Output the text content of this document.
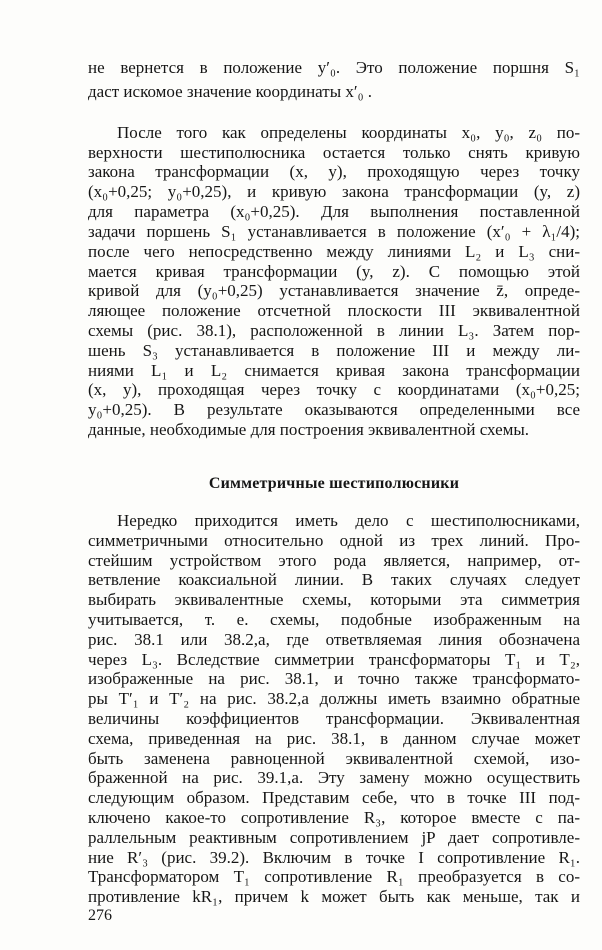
не вернется в положение y′₀. Это положение поршня S₁
даст искомое значение координаты x′₀ .
После того как определены координаты x₀, y₀, z₀ по-
верхности шестиполюсника остается только снять кривую
закона трансформации (x, y), проходящую через точку
(x₀+0,25; y₀+0,25), и кривую закона трансформации (y, z)
для параметра (x₀+0,25). Для выполнения поставленной
задачи поршень S₁ устанавливается в положение (x′₀ + λ₁/4);
после чего непосредственно между линиями L₂ и L₃ сни-
мается кривая трансформации (y, z). С помощью этой
кривой для (y₀+0,25) устанавливается значение z̄, опреде-
ляющее положение отсчетной плоскости III эквивалентной
схемы (рис. 38.1), расположенной в линии L₃. Затем пор-
шень S₃ устанавливается в положение III и между ли-
ниями L₁ и L₂ снимается кривая закона трансформации
(x, y), проходящая через точку с координатами (x₀+0,25;
y₀+0,25). В результате оказываются определенными все
данные, необходимые для построения эквивалентной схемы.
Симметричные шестиполюсники
Нередко приходится иметь дело с шестиполюсниками,
симметричными относительно одной из трех линий. Про-
стейшим устройством этого рода является, например, от-
ветвление коаксиальной линии. В таких случаях следует
выбирать эквивалентные схемы, которыми эта симметрия
учитывается, т. е. схемы, подобные изображенным на
рис. 38.1 или 38.2,a, где ответвляемая линия обозначена
через L₃. Вследствие симметрии трансформаторы T₁ и T₂,
изображенные на рис. 38.1, и точно также трансформато-
ры T′₁ и T′₂ на рис. 38.2,a должны иметь взаимно обратные
величины коэффициентов трансформации. Эквивалентная
схема, приведенная на рис. 38.1, в данном случае может
быть заменена равноценной эквивалентной схемой, изо-
браженной на рис. 39.1,a. Эту замену можно осуществить
следующим образом. Представим себе, что в точке III под-
ключено какое-то сопротивление R₃, которое вместе с па-
раллельным реактивным сопротивлением jP дает сопротивле-
ние R′₃ (рис. 39.2). Включим в точке I сопротивление R₁.
Трансформатором T₁ сопротивление R₁ преобразуется в со-
противление kR₁, причем k может быть как меньше, так и
276
